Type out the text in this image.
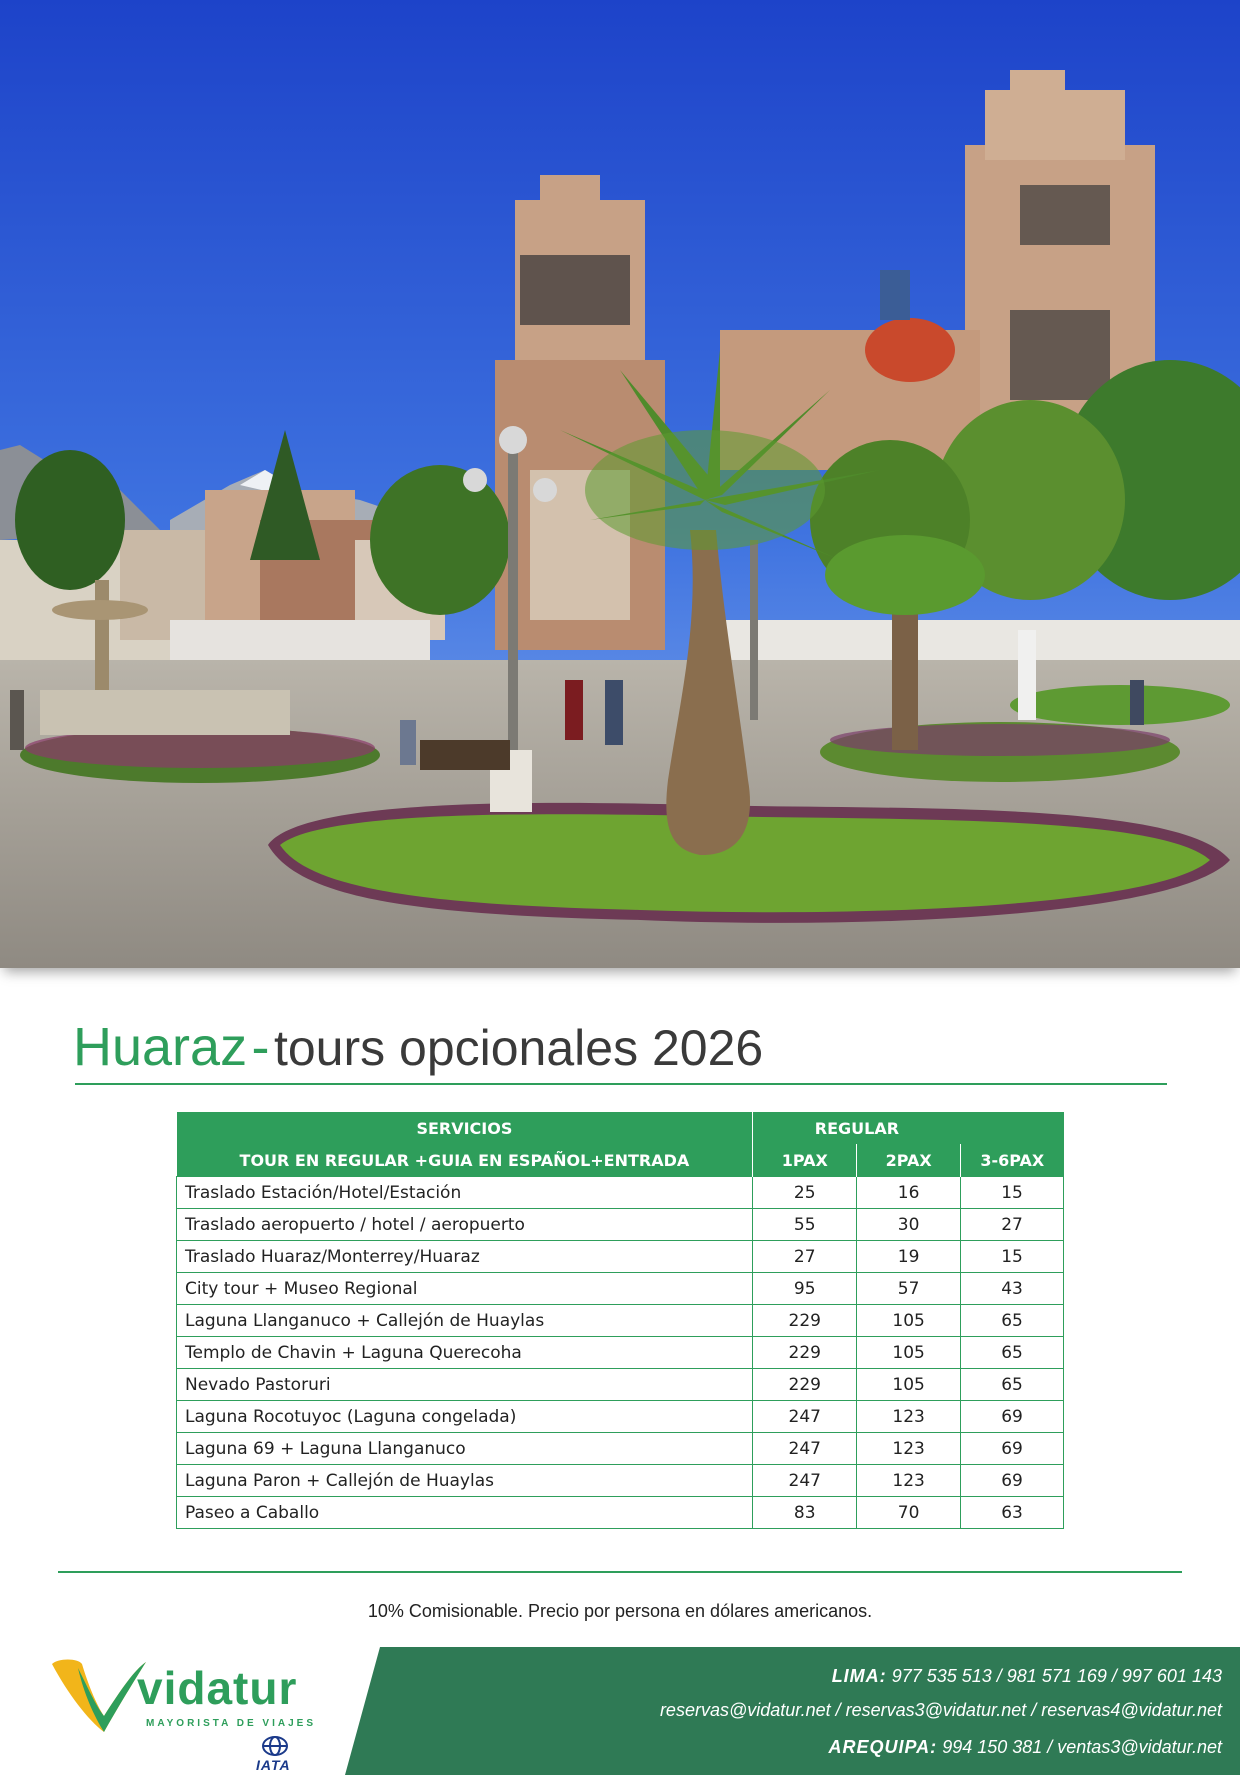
Huaraz - tours opcionales 2026
SERVICIOS	REGULAR		
TOUR EN REGULAR +GUIA EN ESPAÑOL+ENTRADA	1PAX	2PAX	3-6PAX
Traslado Estación/Hotel/Estación	25	16	15
Traslado aeropuerto / hotel / aeropuerto	55	30	27
Traslado Huaraz/Monterrey/Huaraz	27	19	15
City tour + Museo Regional	95	57	43
Laguna Llanganuco + Callejón de Huaylas	229	105	65
Templo de Chavin + Laguna Querecoha	229	105	65
Nevado Pastoruri	229	105	65
Laguna Rocotuyoc (Laguna congelada)	247	123	69
Laguna 69 + Laguna Llanganuco	247	123	69
Laguna Paron + Callejón de Huaylas	247	123	69
Paseo a Caballo	83	70	63
10% Comisionable. Precio por persona en dólares americanos.
vidatur
MAYORISTA DE VIAJES
IATA
LIMA: 977 535 513 / 981 571 169 / 997 601 143
reservas@vidatur.net / reservas3@vidatur.net / reservas4@vidatur.net
AREQUIPA: 994 150 381 / ventas3@vidatur.net
